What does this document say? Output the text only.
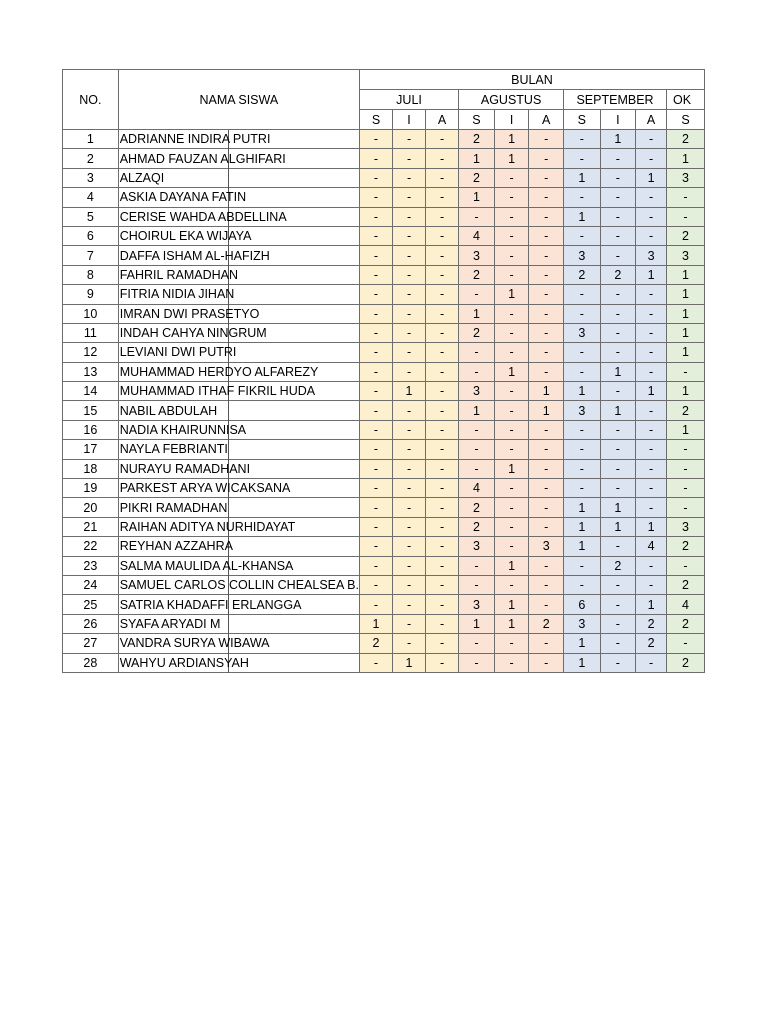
NO.	NAMA SISWA	BULAN									
		JULI			AGUSTUS			SEPTEMBER			OK
		S	I	A	S	I	A	S	I	A	S
1	ADRIANNE INDIRA PUTRI	-	-	-	2	1	-	-	1	-	2
2	AHMAD FAUZAN ALGHIFARI	-	-	-	1	1	-	-	-	-	1
3	ALZAQI	-	-	-	2	-	-	1	-	1	3
4	ASKIA DAYANA FATIN	-	-	-	1	-	-	-	-	-	-
5	CERISE WAHDA ABDELLINA	-	-	-	-	-	-	1	-	-	-
6	CHOIRUL EKA WIJAYA	-	-	-	4	-	-	-	-	-	2
7	DAFFA ISHAM AL-HAFIZH	-	-	-	3	-	-	3	-	3	3
8	FAHRIL RAMADHAN	-	-	-	2	-	-	2	2	1	1
9	FITRIA NIDIA JIHAN	-	-	-	-	1	-	-	-	-	1
10	IMRAN DWI PRASETYO	-	-	-	1	-	-	-	-	-	1
11	INDAH CAHYA NINGRUM	-	-	-	2	-	-	3	-	-	1
12	LEVIANI DWI PUTRI	-	-	-	-	-	-	-	-	-	1
13	MUHAMMAD HERDYO ALFAREZY	-	-	-	-	1	-	-	1	-	-
14	MUHAMMAD ITHAF FIKRIL HUDA	-	1	-	3	-	1	1	-	1	1
15	NABIL ABDULAH	-	-	-	1	-	1	3	1	-	2
16	NADIA KHAIRUNNISA	-	-	-	-	-	-	-	-	-	1
17	NAYLA FEBRIANTI	-	-	-	-	-	-	-	-	-	-
18	NURAYU RAMADHANI	-	-	-	-	1	-	-	-	-	-
19	PARKEST ARYA WICAKSANA	-	-	-	4	-	-	-	-	-	-
20	PIKRI RAMADHAN	-	-	-	2	-	-	1	1	-	-
21	RAIHAN ADITYA NURHIDAYAT	-	-	-	2	-	-	1	1	1	3
22	REYHAN AZZAHRA	-	-	-	3	-	3	1	-	4	2
23	SALMA MAULIDA AL-KHANSA	-	-	-	-	1	-	-	2	-	-
24	SAMUEL CARLOS COLLIN CHEALSEA B.	-	-	-	-	-	-	-	-	-	2
25	SATRIA KHADAFFI ERLANGGA	-	-	-	3	1	-	6	-	1	4
26	SYAFA ARYADI M	1	-	-	1	1	2	3	-	2	2
27	VANDRA SURYA WIBAWA	2	-	-	-	-	-	1	-	2	-
28	WAHYU ARDIANSYAH	-	1	-	-	-	-	1	-	-	2
